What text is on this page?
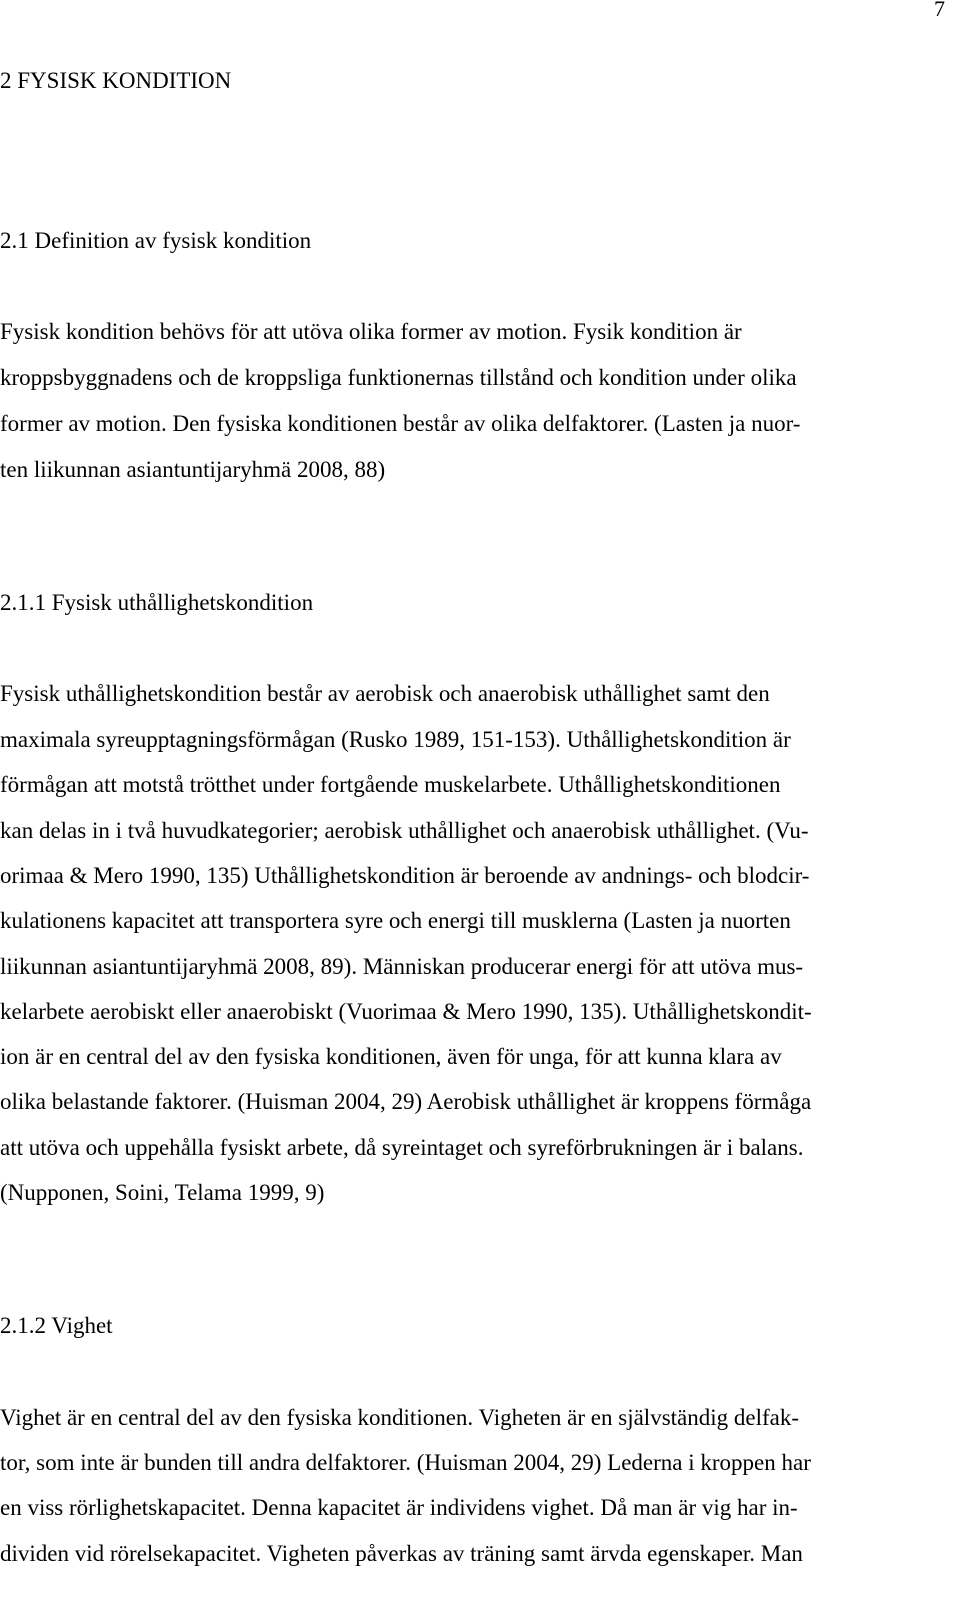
7
2 FYSISK KONDITION
2.1 Definition av fysisk kondition
Fysisk kondition behövs för att utöva olika former av motion. Fysik kondition är
kroppsbyggnadens och de kroppsliga funktionernas tillstånd och kondition under olika
former av motion. Den fysiska konditionen består av olika delfaktorer. (Lasten ja nuor-
ten liikunnan asiantuntijaryhmä 2008, 88)
2.1.1 Fysisk uthållighetskondition
Fysisk uthållighetskondition består av aerobisk och anaerobisk uthållighet samt den
maximala syreupptagningsförmågan (Rusko 1989, 151-153). Uthållighetskondition är
förmågan att motstå trötthet under fortgående muskelarbete. Uthållighetskonditionen
kan delas in i två huvudkategorier; aerobisk uthållighet och anaerobisk uthållighet. (Vu-
orimaa & Mero 1990, 135) Uthållighetskondition är beroende av andnings- och blodcir-
kulationens kapacitet att transportera syre och energi till musklerna (Lasten ja nuorten
liikunnan asiantuntijaryhmä 2008, 89). Människan producerar energi för att utöva mus-
kelarbete aerobiskt eller anaerobiskt (Vuorimaa & Mero 1990, 135). Uthållighetskondit-
ion är en central del av den fysiska konditionen, även för unga, för att kunna klara av
olika belastande faktorer. (Huisman 2004, 29) Aerobisk uthållighet är kroppens förmåga
att utöva och uppehålla fysiskt arbete, då syreintaget och syreförbrukningen är i balans.
(Nupponen, Soini, Telama 1999, 9)
2.1.2 Vighet
Vighet är en central del av den fysiska konditionen. Vigheten är en självständig delfak-
tor, som inte är bunden till andra delfaktorer. (Huisman 2004, 29) Lederna i kroppen har
en viss rörlighetskapacitet. Denna kapacitet är individens vighet. Då man är vig har in-
dividen vid rörelsekapacitet. Vigheten påverkas av träning samt ärvda egenskaper. Man
